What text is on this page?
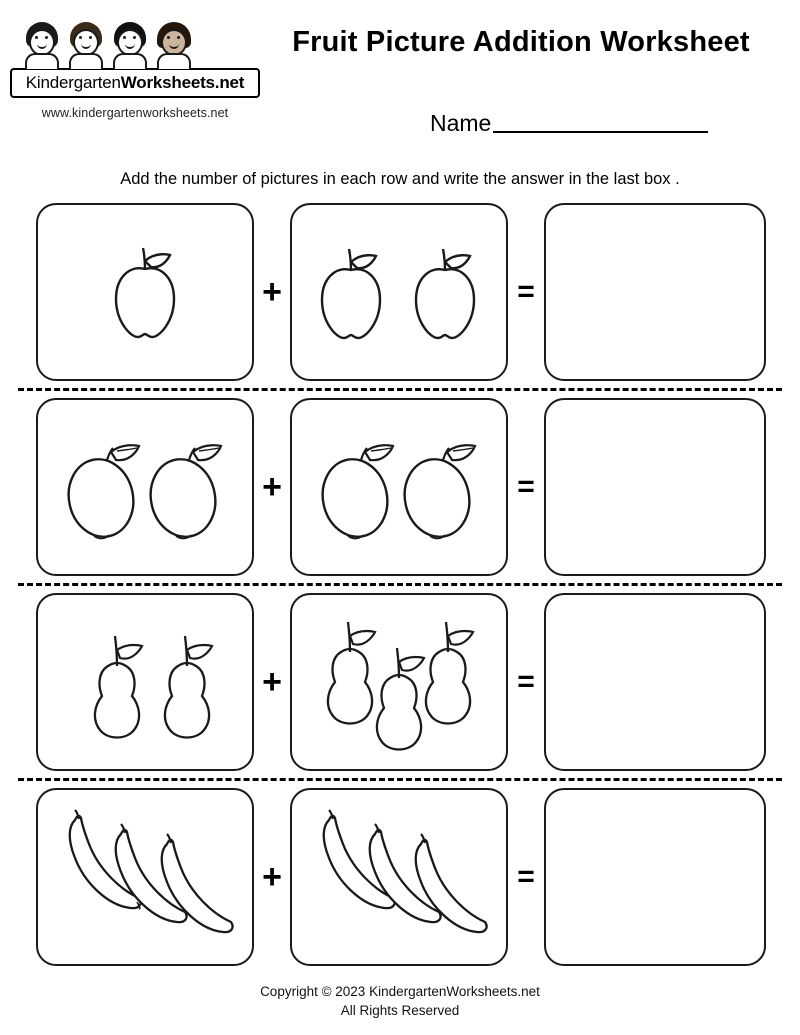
KindergartenWorksheets.net
www.kindergartenworksheets.net
Fruit Picture Addition Worksheet
Name
Add the number of pictures in each row and write the answer in the last box .
+	=
+	=
+	=
+	=
Copyright © 2023 KindergartenWorksheets.net
All Rights Reserved
